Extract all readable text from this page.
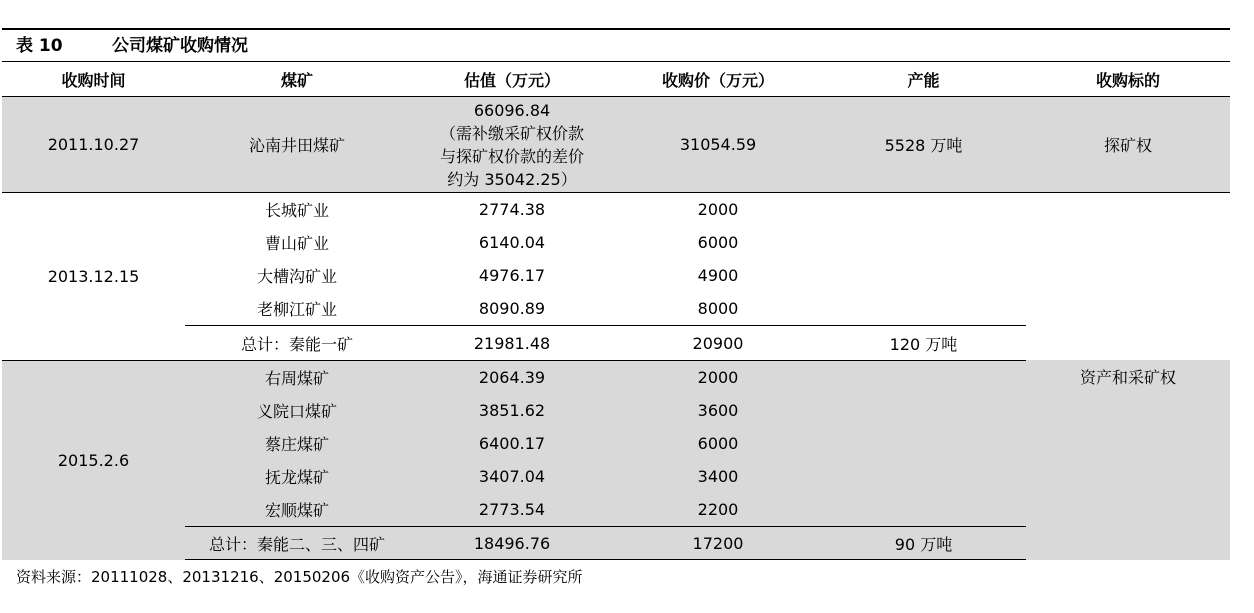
表 10	公司煤矿收购情况
收购时间	煤矿	估值（万元）	收购价（万元）	产能	收购标的
2011.10.27	沁南井田煤矿	66096.84
（需补缴采矿权价款
与探矿权价款的差价
约为 35042.25）	31054.59	5528 万吨	探矿权
2013.12.15	长城矿业	2774.38	2000		资产和采矿权
	曹山矿业	6140.04	6000		
	大槽沟矿业	4976.17	4900		
	老柳江矿业	8090.89	8000		
	总计：秦能一矿	21981.48	20900	120 万吨	
2015.2.6	右周煤矿	2064.39	2000		
	义院口煤矿	3851.62	3600		
	蔡庄煤矿	6400.17	6000		
	抚龙煤矿	3407.04	3400		
	宏顺煤矿	2773.54	2200		
	总计：秦能二、三、四矿	18496.76	17200	90 万吨	
资料来源：20111028、20131216、20150206《收购资产公告》，海通证券研究所
